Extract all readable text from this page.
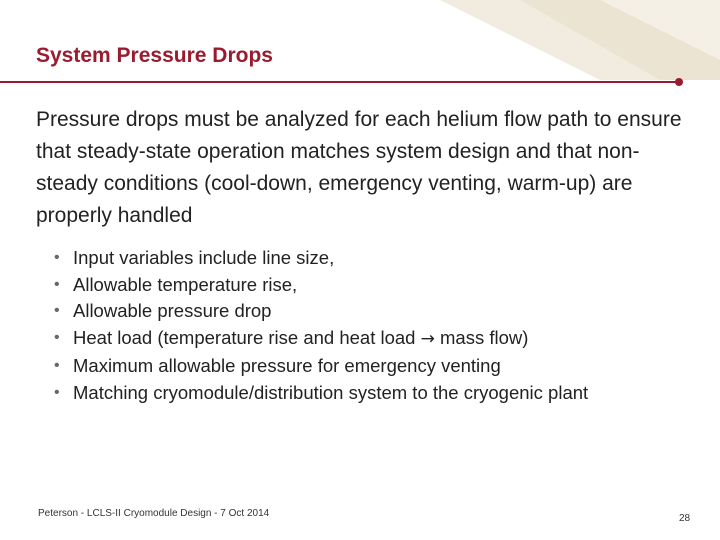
System Pressure Drops
Pressure drops must be analyzed for each helium flow path to ensure that steady-state operation matches system design and that non-steady conditions (cool-down, emergency venting, warm-up) are properly handled
• Input variables include line size,
• Allowable temperature rise,
• Allowable pressure drop
• Heat load (temperature rise and heat load → mass flow)
• Maximum allowable pressure for emergency venting
• Matching cryomodule/distribution system to the cryogenic plant
Peterson - LCLS-II Cryomodule Design - 7 Oct 2014	28
